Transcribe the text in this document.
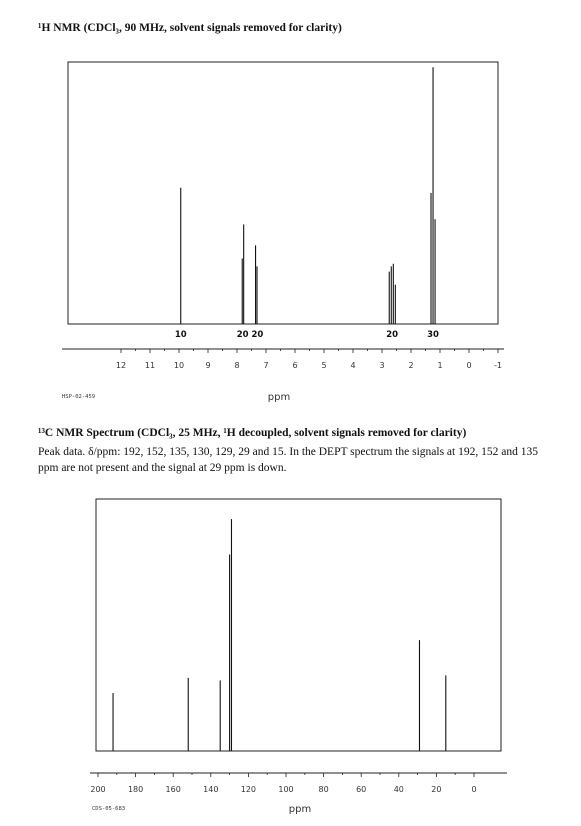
¹H NMR (CDCl₃, 90 MHz, solvent signals removed for clarity)
10	20 20	20	30
12 11 10	9	8	7	6	5	4	3	2	1	0	-1
ppm
HSP-02-459
200	180	160	140	120	100	80	60	40	20	0
ppm
CDS-05-683
¹³C NMR Spectrum (CDCl₃, 25 MHz, ¹H decoupled, solvent signals removed for clarity)
Peak data. δ/ppm: 192, 152, 135, 130, 129, 29 and 15. In the DEPT spectrum the signals at 192, 152 and 135 ppm are not present and the signal at 29 ppm is down.
